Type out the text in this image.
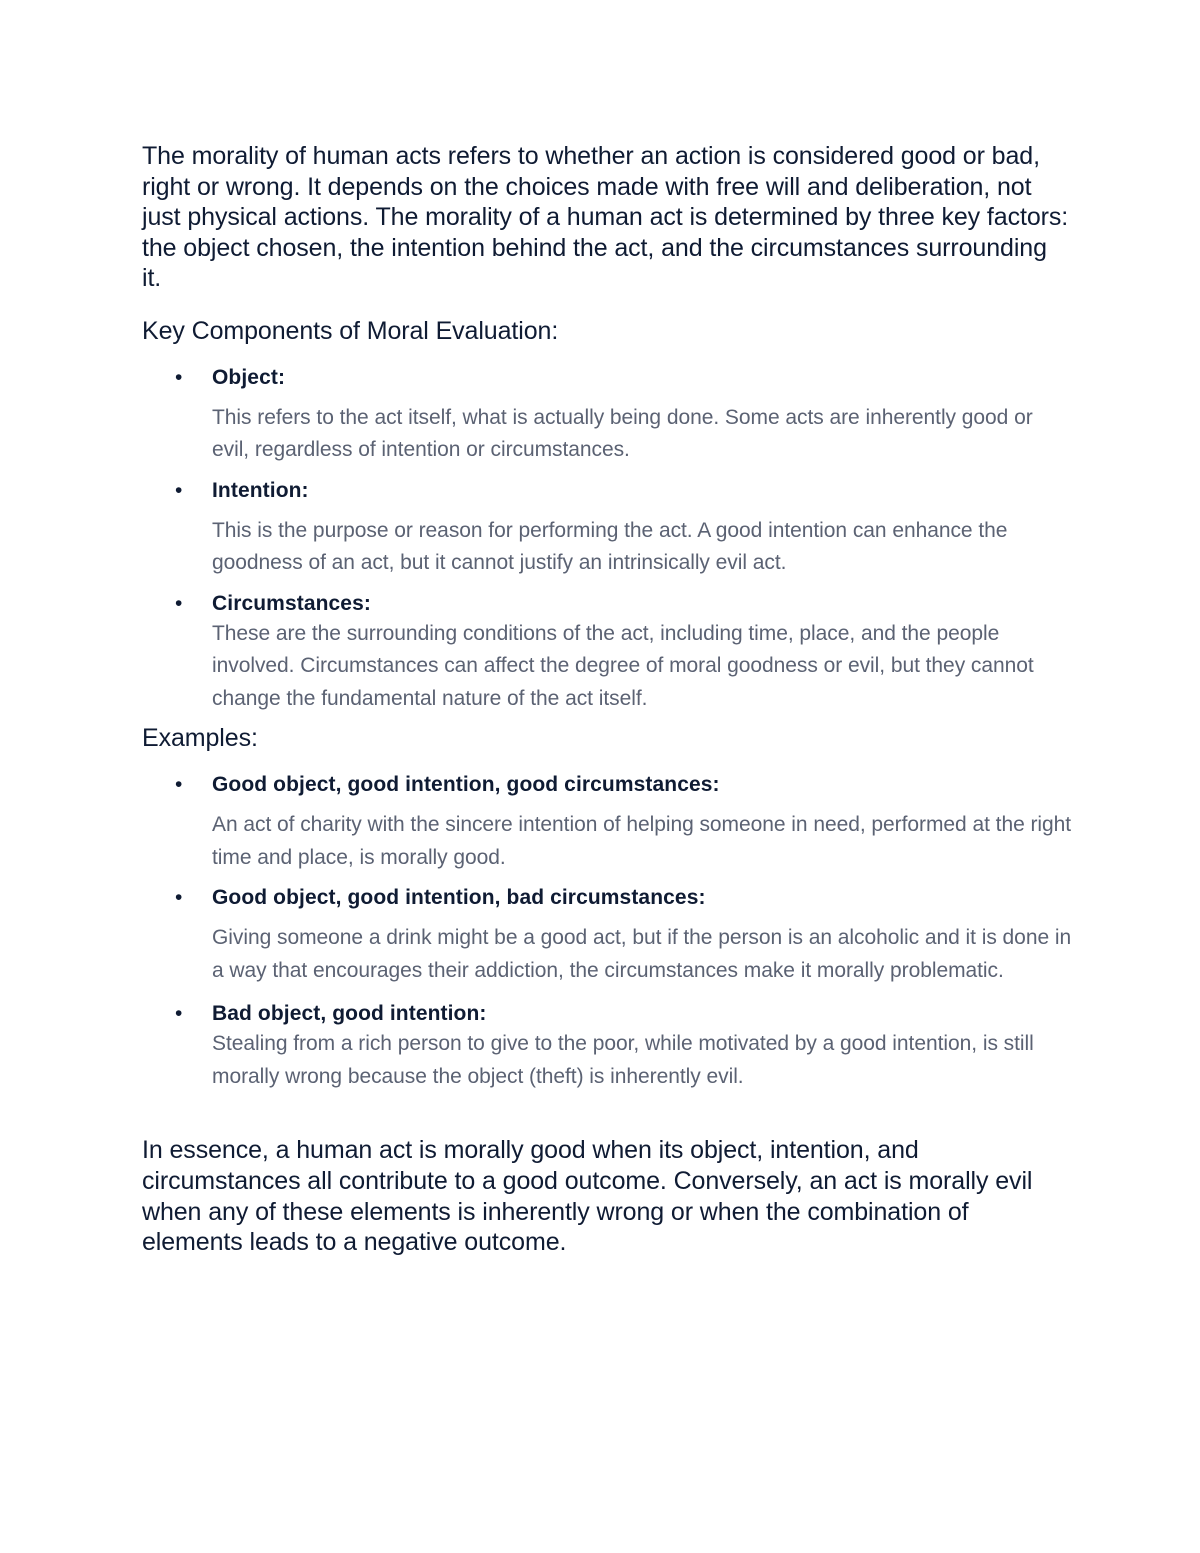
The morality of human acts refers to whether an action is considered good or bad, right or wrong. It depends on the choices made with free will and deliberation, not just physical actions. The morality of a human act is determined by three key factors: the object chosen, the intention behind the act, and the circumstances surrounding it.

Key Components of Moral Evaluation:
• Object:
This refers to the act itself, what is actually being done. Some acts are inherently good or evil, regardless of intention or circumstances.
• Intention:
This is the purpose or reason for performing the act. A good intention can enhance the goodness of an act, but it cannot justify an intrinsically evil act.
• Circumstances:
These are the surrounding conditions of the act, including time, place, and the people involved. Circumstances can affect the degree of moral goodness or evil, but they cannot change the fundamental nature of the act itself.
Examples:
• Good object, good intention, good circumstances:
An act of charity with the sincere intention of helping someone in need, performed at the right time and place, is morally good.
• Good object, good intention, bad circumstances:
Giving someone a drink might be a good act, but if the person is an alcoholic and it is done in a way that encourages their addiction, the circumstances make it morally problematic.
• Bad object, good intention:
Stealing from a rich person to give to the poor, while motivated by a good intention, is still morally wrong because the object (theft) is inherently evil.

In essence, a human act is morally good when its object, intention, and circumstances all contribute to a good outcome. Conversely, an act is morally evil when any of these elements is inherently wrong or when the combination of elements leads to a negative outcome.
